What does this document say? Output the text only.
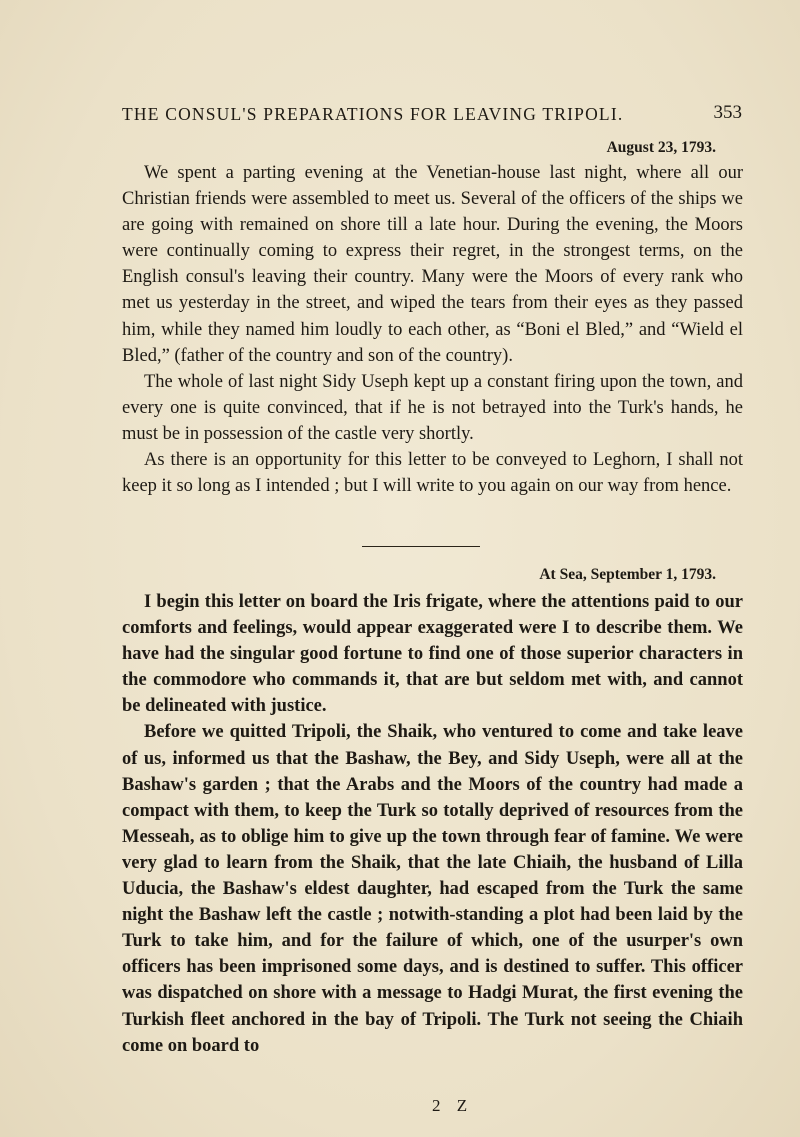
THE CONSUL'S PREPARATIONS FOR LEAVING TRIPOLI.	353
August 23, 1793.

We spent a parting evening at the Venetian-house last night, where all our Christian friends were assembled to meet us. Several of the officers of the ships we are going with remained on shore till a late hour. During the evening, the Moors were continually coming to express their regret, in the strongest terms, on the English consul's leaving their country. Many were the Moors of every rank who met us yesterday in the street, and wiped the tears from their eyes as they passed him, while they named him loudly to each other, as “Boni el Bled,” and “Wield el Bled,” (father of the country and son of the country).

The whole of last night Sidy Useph kept up a constant firing upon the town, and every one is quite convinced, that if he is not betrayed into the Turk's hands, he must be in possession of the castle very shortly.

As there is an opportunity for this letter to be conveyed to Leghorn, I shall not keep it so long as I intended ; but I will write to you again on our way from hence.

At Sea, September 1, 1793.

I begin this letter on board the Iris frigate, where the attentions paid to our comforts and feelings, would appear exaggerated were I to describe them. We have had the singular good fortune to find one of those superior characters in the commodore who commands it, that are but seldom met with, and cannot be delineated with justice.

Before we quitted Tripoli, the Shaik, who ventured to come and take leave of us, informed us that the Bashaw, the Bey, and Sidy Useph, were all at the Bashaw's garden ; that the Arabs and the Moors of the country had made a compact with them, to keep the Turk so totally deprived of resources from the Messeah, as to oblige him to give up the town through fear of famine. We were very glad to learn from the Shaik, that the late Chiaih, the husband of Lilla Uducia, the Bashaw's eldest daughter, had escaped from the Turk the same night the Bashaw left the castle ; notwith-standing a plot had been laid by the Turk to take him, and for the failure of which, one of the usurper's own officers has been imprisoned some days, and is destined to suffer. This officer was dispatched on shore with a message to Hadgi Murat, the first evening the Turkish fleet anchored in the bay of Tripoli. The Turk not seeing the Chiaih come on board to

2 Z
